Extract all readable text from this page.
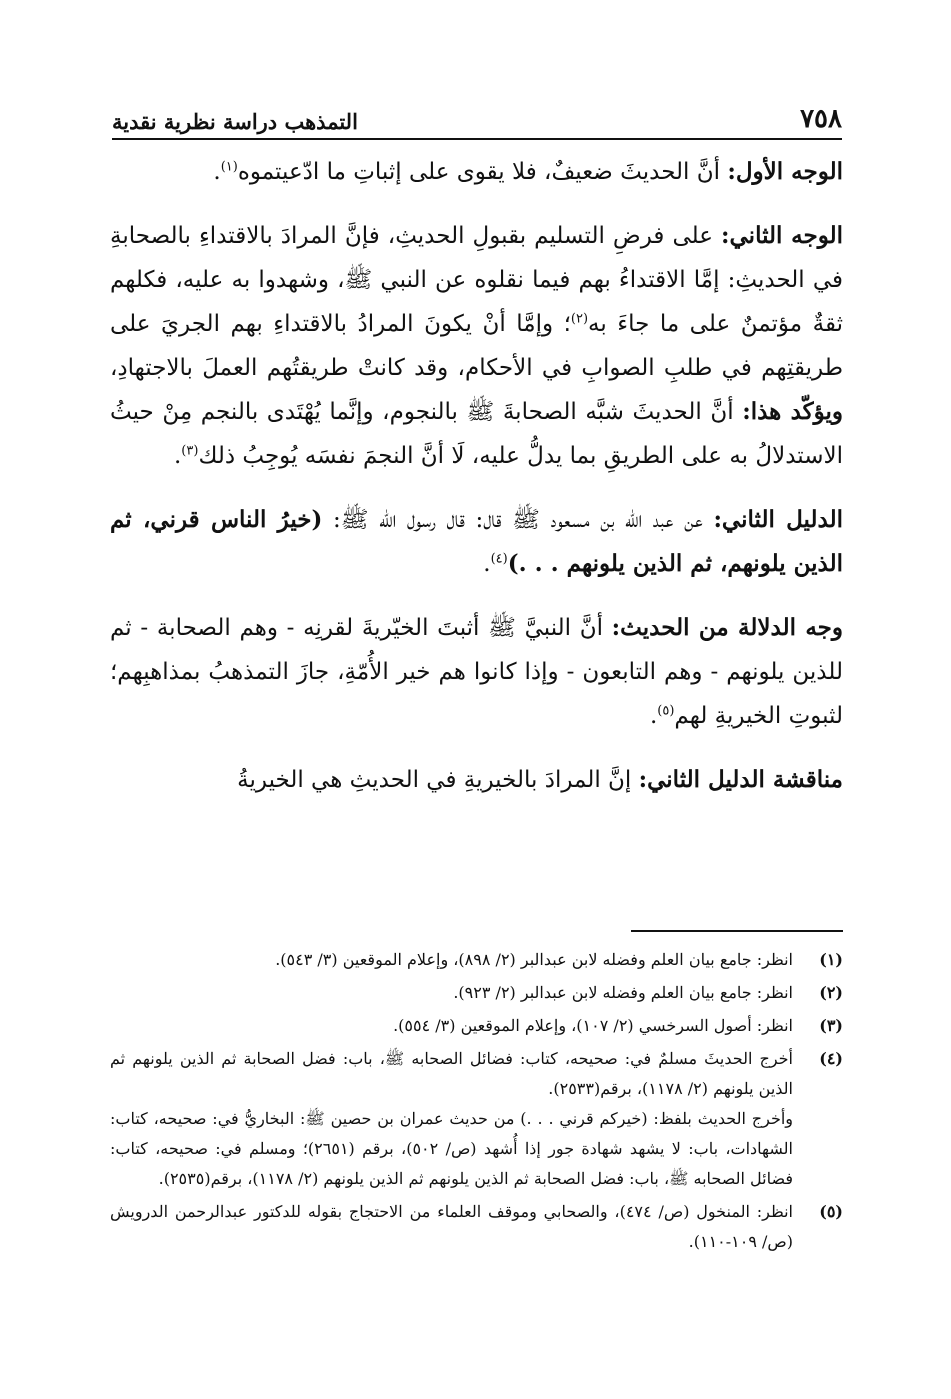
٧٥٨
التمذهب دراسة نظرية نقدية

الوجه الأول: أنَّ الحديثَ ضعيفٌ، فلا يقوى على إثباتِ ما ادّعيتموه$^{(١)}$.

الوجه الثاني: على فرضِ التسليم بقبولِ الحديثِ، فإنَّ المرادَ بالاقتداءِ بالصحابةِ في الحديثِ: إمَّا الاقتداءُ بهم فيما نقلوه عن النبي ﷺ، وشهدوا به عليه، فكلهم ثقةٌ مؤتمنٌ على ما جاءَ به$^{(٢)}$؛ وإمَّا أنْ يكونَ المرادُ بالاقتداءِ بهم الجريَ على طريقتِهم في طلبِ الصوابِ في الأحكام، وقد كانتْ طريقتُهم العملَ بالاجتهادِ، ويؤكّد هذا: أنَّ الحديثَ شبَّه الصحابةَ ﷺ بالنجوم، وإنَّما يُهْتَدى بالنجم مِنْ حيثُ الاستدلالُ به على الطريقِ بما يدلُّ عليه، لَا أنَّ النجمَ نفسَه يُوجِبُ ذلك$^{(٣)}$.

الدليل الثاني: عن عبد الله بن مسعود ﷺ قال: قال رسول الله ﷺ: (خيرُ الناس قرني، ثم الذين يلونهم، ثم الذين يلونهم . . .)$^{(٤)}$.

وجه الدلالة من الحديث: أنَّ النبيَّ ﷺ أثبتَ الخيّريةَ لقرنِه - وهم الصحابة - ثم للذين يلونهم - وهم التابعون - وإذا كانوا هم خير الأُمّةِ، جازَ التمذهبُ بمذاهبِهم؛ لثبوتِ الخيريةِ لهم$^{(٥)}$.

مناقشة الدليل الثاني: إنَّ المرادَ بالخيريةِ في الحديثِ هي الخيريةُ

(١)

انظر: جامع بيان العلم وفضله لابن عبدالبر (٢/ ٨٩٨)، وإعلام الموقعين (٣/ ٥٤٣).

(٢)

انظر: جامع بيان العلم وفضله لابن عبدالبر (٢/ ٩٢٣).

(٣)

انظر: أصول السرخسي (٢/ ١٠٧)، وإعلام الموقعين (٣/ ٥٥٤).

(٤)

أخرج الحديثَ مسلمٌ في: صحيحه، كتاب: فضائل الصحابه ﷺ، باب: فضل الصحابة ثم الذين يلونهم ثم الذين يلونهم (٢/ ١١٧٨)، برقم(٢٥٣٣).

وأخرج الحديث بلفظ: (خيركم قرني . . .) من حديث عمران بن حصين ﷺ: البخاريُّ في: صحيحه، كتاب: الشهادات، باب: لا يشهد شهادة جور إذا أُشهد (ص/ ٥٠٢)، برقم (٢٦٥١)؛ ومسلم في: صحيحه، كتاب: فضائل الصحابه ﷺ، باب: فضل الصحابة ثم الذين يلونهم ثم الذين يلونهم (٢/ ١١٧٨)، برقم(٢٥٣٥).

(٥)

انظر: المنخول (ص/ ٤٧٤)، والصحابي وموقف العلماء من الاحتجاج بقوله للدكتور عبدالرحمن الدرويش (ص/ ١٠٩-١١٠).
